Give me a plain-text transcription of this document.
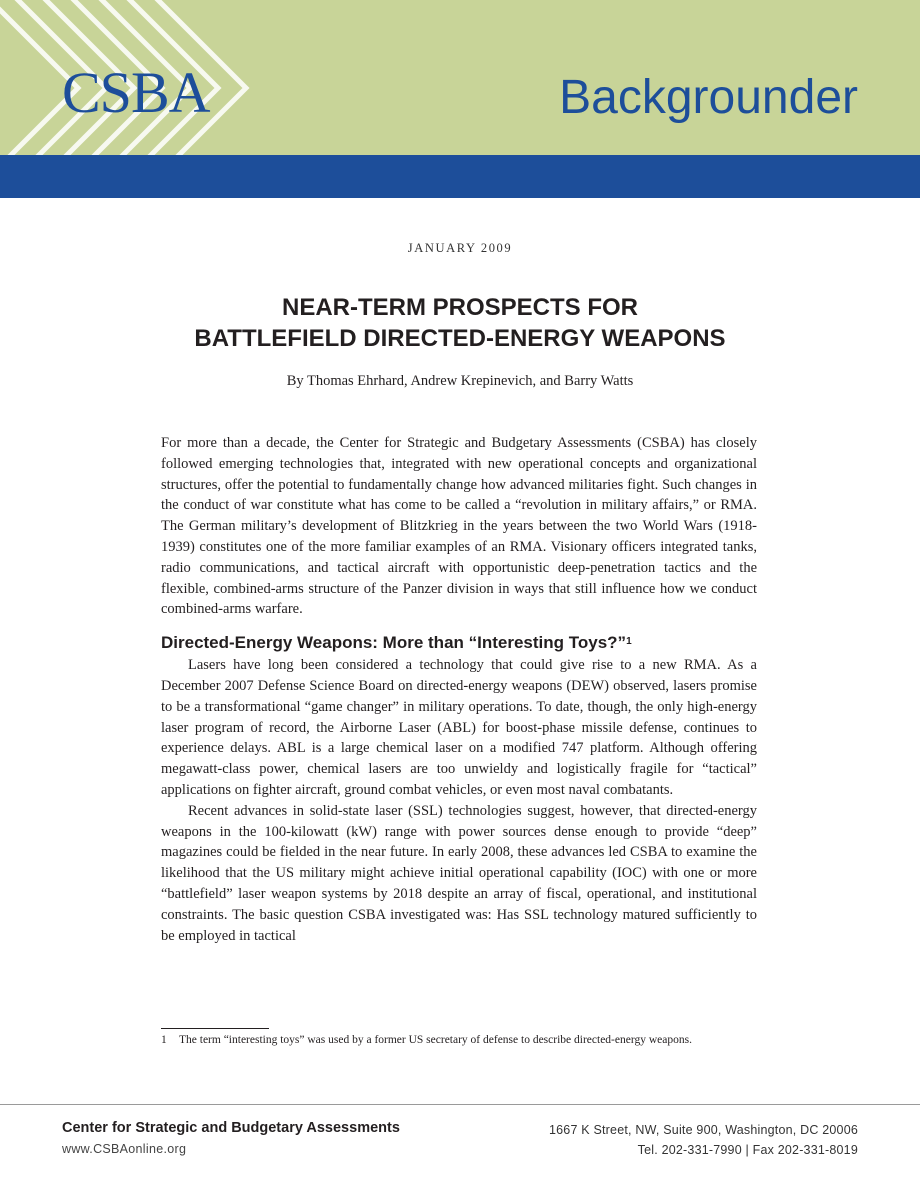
CSBA	Backgrounder
JANUARY 2009
NEAR-TERM PROSPECTS FOR
BATTLEFIELD DIRECTED-ENERGY WEAPONS
By Thomas Ehrhard, Andrew Krepinevich, and Barry Watts

For more than a decade, the Center for Strategic and Budgetary Assessments (CSBA) has closely followed emerging technologies that, integrated with new operational concepts and organizational structures, offer the potential to fundamentally change how advanced militaries fight. Such changes in the conduct of war constitute what has come to be called a “revolution in military affairs,” or RMA. The German military’s development of Blitzkrieg in the years between the two World Wars (1918-1939) constitutes one of the more familiar examples of an RMA. Visionary officers integrated tanks, radio communications, and tactical aircraft with opportunistic deep-penetration tactics and the flexible, combined-arms structure of the Panzer division in ways that still influence how we conduct combined-arms warfare.

Directed-Energy Weapons: More than “Interesting Toys?”$^1$

Lasers have long been considered a technology that could give rise to a new RMA. As a December 2007 Defense Science Board on directed-energy weapons (DEW) observed, lasers promise to be a transformational “game changer” in military operations. To date, though, the only high-energy laser program of record, the Airborne Laser (ABL) for boost-phase missile defense, continues to experience delays. ABL is a large chemical laser on a modified 747 platform. Although offering megawatt-class power, chemical lasers are too unwieldy and logistically fragile for “tactical” applications on fighter aircraft, ground combat vehicles, or even most naval combatants.

Recent advances in solid-state laser (SSL) technologies suggest, however, that directed-energy weapons in the 100-kilowatt (kW) range with power sources dense enough to provide “deep” magazines could be fielded in the near future. In early 2008, these advances led CSBA to examine the likelihood that the US military might achieve initial operational capability (IOC) with one or more “battlefield” laser weapon systems by 2018 despite an array of fiscal, operational, and institutional constraints. The basic question CSBA investigated was: Has SSL technology matured sufficiently to be employed in tactical

1	The term “interesting toys” was used by a former US secretary of defense to describe directed-energy weapons.
Center for Strategic and Budgetary Assessments
www.CSBAonline.org
1667 K Street, NW, Suite 900, Washington, DC 20006
Tel. 202-331-7990 | Fax 202-331-8019
